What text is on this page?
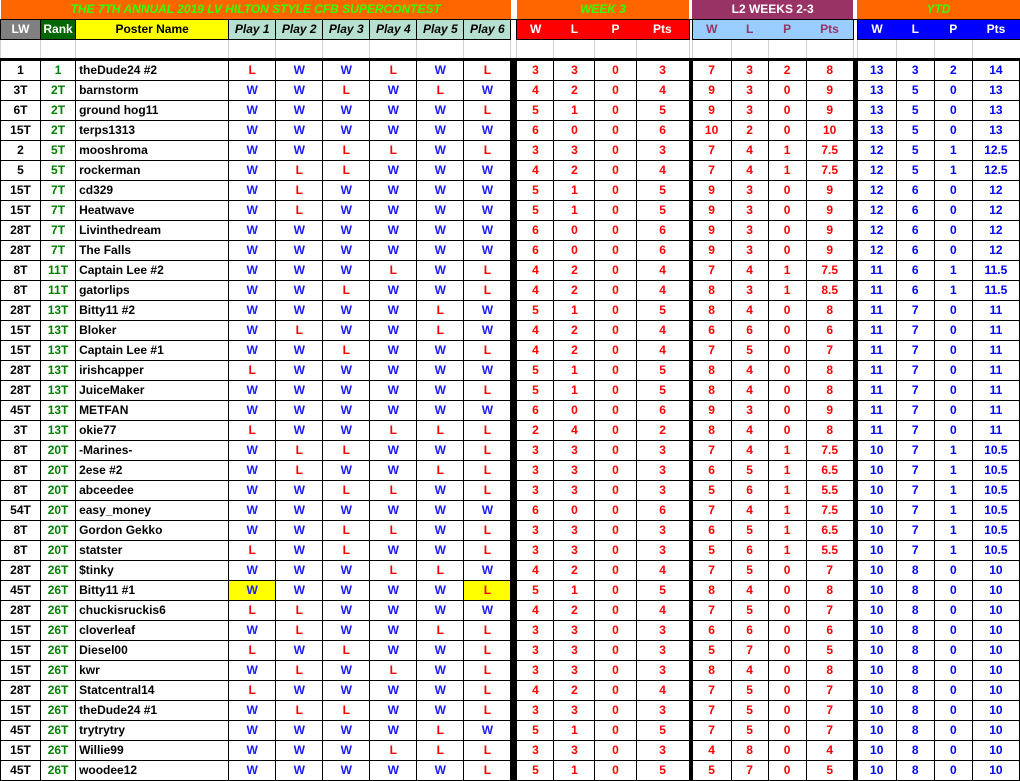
THE 7TH ANNUAL 2019 LV HILTON STYLE CFB SUPERCONTEST										WEEK 3					L2 WEEKS 2-3					YTD			
LW	Rank	Poster Name	Play 1	Play 2	Play 3	Play 4	Play 5	Play 6		W	L	P	Pts		W	L	P	Pts		W	L	P	Pts

1	1	theDude24 #2	L	W	W	L	W	L		3	3	0	3		7	3	2	8		13	3	2	14
3T	2T	barnstorm	W	W	L	W	L	W		4	2	0	4		9	3	0	9		13	5	0	13
6T	2T	ground hog11	W	W	W	W	W	L		5	1	0	5		9	3	0	9		13	5	0	13
15T	2T	terps1313	W	W	W	W	W	W		6	0	0	6		10	2	0	10		13	5	0	13
2	5T	mooshroma	W	W	L	L	W	L		3	3	0	3		7	4	1	7.5		12	5	1	12.5
5	5T	rockerman	W	L	L	W	W	W		4	2	0	4		7	4	1	7.5		12	5	1	12.5
15T	7T	cd329	W	L	W	W	W	W		5	1	0	5		9	3	0	9		12	6	0	12
15T	7T	Heatwave	W	L	W	W	W	W		5	1	0	5		9	3	0	9		12	6	0	12
28T	7T	Livinthedream	W	W	W	W	W	W		6	0	0	6		9	3	0	9		12	6	0	12
28T	7T	The Falls	W	W	W	W	W	W		6	0	0	6		9	3	0	9		12	6	0	12
8T	11T	Captain Lee #2	W	W	W	L	W	L		4	2	0	4		7	4	1	7.5		11	6	1	11.5
8T	11T	gatorlips	W	W	L	W	W	L		4	2	0	4		8	3	1	8.5		11	6	1	11.5
28T	13T	Bitty11 #2	W	W	W	W	L	W		5	1	0	5		8	4	0	8		11	7	0	11
15T	13T	Bloker	W	L	W	W	L	W		4	2	0	4		6	6	0	6		11	7	0	11
15T	13T	Captain Lee #1	W	W	L	W	W	L		4	2	0	4		7	5	0	7		11	7	0	11
28T	13T	irishcapper	L	W	W	W	W	W		5	1	0	5		8	4	0	8		11	7	0	11
28T	13T	JuiceMaker	W	W	W	W	W	L		5	1	0	5		8	4	0	8		11	7	0	11
45T	13T	METFAN	W	W	W	W	W	W		6	0	0	6		9	3	0	9		11	7	0	11
3T	13T	okie77	L	W	W	L	L	L		2	4	0	2		8	4	0	8		11	7	0	11
8T	20T	-Marines-	W	L	L	W	W	L		3	3	0	3		7	4	1	7.5		10	7	1	10.5
8T	20T	2ese #2	W	L	W	W	L	L		3	3	0	3		6	5	1	6.5		10	7	1	10.5
8T	20T	abceedee	W	W	L	L	W	L		3	3	0	3		5	6	1	5.5		10	7	1	10.5
54T	20T	easy_money	W	W	W	W	W	W		6	0	0	6		7	4	1	7.5		10	7	1	10.5
8T	20T	Gordon Gekko	W	W	L	L	W	L		3	3	0	3		6	5	1	6.5		10	7	1	10.5
8T	20T	statster	L	W	L	W	W	L		3	3	0	3		5	6	1	5.5		10	7	1	10.5
28T	26T	$tinky	W	W	W	L	L	W		4	2	0	4		7	5	0	7		10	8	0	10
45T	26T	Bitty11 #1	W	W	W	W	W	L		5	1	0	5		8	4	0	8		10	8	0	10
28T	26T	chuckisruckis6	L	L	W	W	W	W		4	2	0	4		7	5	0	7		10	8	0	10
15T	26T	cloverleaf	W	L	W	W	L	L		3	3	0	3		6	6	0	6		10	8	0	10
15T	26T	Diesel00	L	W	L	W	W	L		3	3	0	3		5	7	0	5		10	8	0	10
15T	26T	kwr	W	L	W	L	W	L		3	3	0	3		8	4	0	8		10	8	0	10
28T	26T	Statcentral14	L	W	W	W	W	L		4	2	0	4		7	5	0	7		10	8	0	10
15T	26T	theDude24 #1	W	L	L	W	W	L		3	3	0	3		7	5	0	7		10	8	0	10
45T	26T	trytrytry	W	W	W	W	L	W		5	1	0	5		7	5	0	7		10	8	0	10
15T	26T	Willie99	W	W	W	L	L	L		3	3	0	3		4	8	0	4		10	8	0	10
45T	26T	woodee12	W	W	W	W	W	L		5	1	0	5		5	7	0	5		10	8	0	10
